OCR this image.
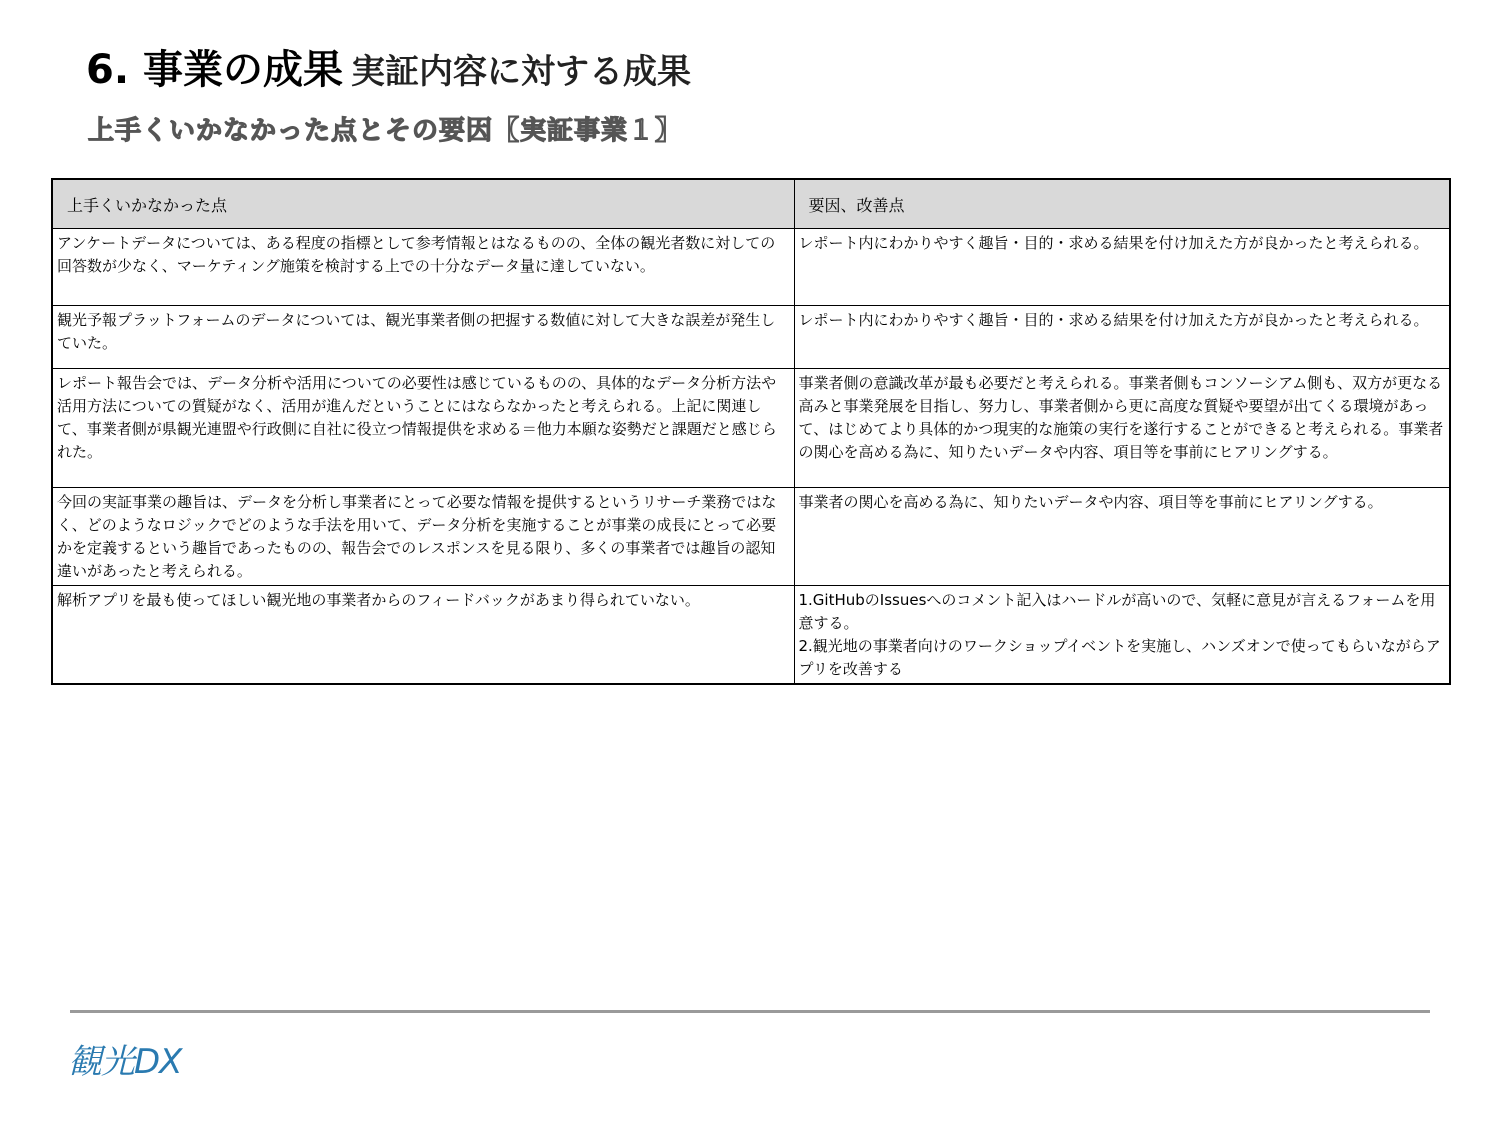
6. 事業の成果 実証内容に対する成果
上手くいかなかった点とその要因【実証事業１】
上手くいかなかった点	要因、改善点
アンケートデータについては、ある程度の指標として参考情報とはなるものの、全体の観光者数に対しての回答数が少なく、マーケティング施策を検討する上での十分なデータ量に達していない。	レポート内にわかりやすく趣旨・目的・求める結果を付け加えた方が良かったと考えられる。
観光予報プラットフォームのデータについては、観光事業者側の把握する数値に対して大きな誤差が発生していた。	レポート内にわかりやすく趣旨・目的・求める結果を付け加えた方が良かったと考えられる。
レポート報告会では、データ分析や活用についての必要性は感じているものの、具体的なデータ分析方法や活用方法についての質疑がなく、活用が進んだということにはならなかったと考えられる。上記に関連して、事業者側が県観光連盟や行政側に自社に役立つ情報提供を求める＝他力本願な姿勢だと課題だと感じられた。	事業者側の意識改革が最も必要だと考えられる。事業者側もコンソーシアム側も、双方が更なる高みと事業発展を目指し、努力し、事業者側から更に高度な質疑や要望が出てくる環境があって、はじめてより具体的かつ現実的な施策の実行を遂行することができると考えられる。事業者の関心を高める為に、知りたいデータや内容、項目等を事前にヒアリングする。
今回の実証事業の趣旨は、データを分析し事業者にとって必要な情報を提供するというリサーチ業務ではなく、どのようなロジックでどのような手法を用いて、データ分析を実施することが事業の成長にとって必要かを定義するという趣旨であったものの、報告会でのレスポンスを見る限り、多くの事業者では趣旨の認知違いがあったと考えられる。	事業者の関心を高める為に、知りたいデータや内容、項目等を事前にヒアリングする。
解析アプリを最も使ってほしい観光地の事業者からのフィードバックがあまり得られていない。	1.GitHubのIssuesへのコメント記入はハードルが高いので、気軽に意見が言えるフォームを用意する。
2.観光地の事業者向けのワークショップイベントを実施し、ハンズオンで使ってもらいながらアプリを改善する
観光DX
